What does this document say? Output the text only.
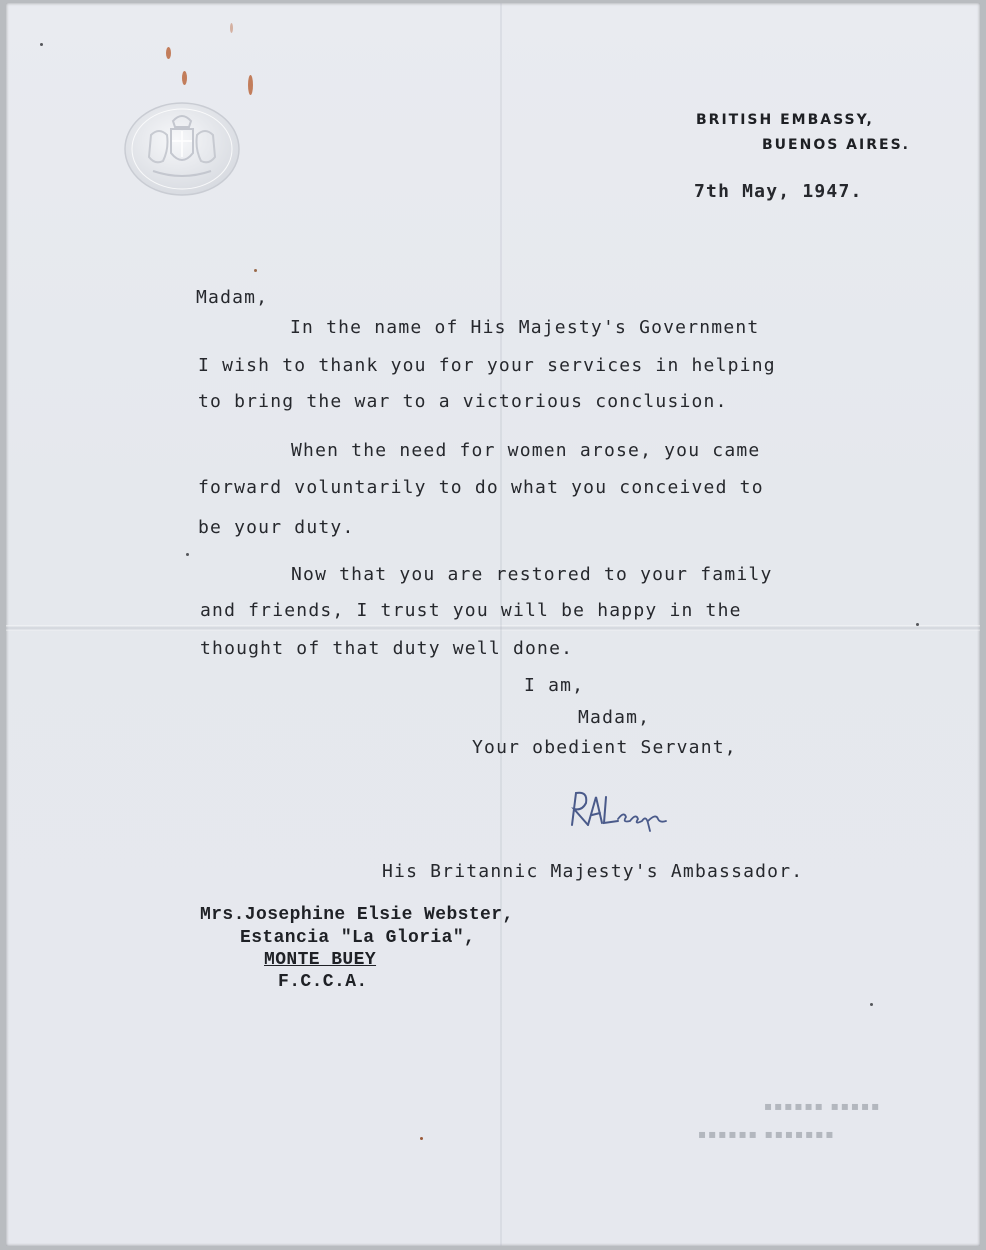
BRITISH EMBASSY,

BUENOS AIRES.

7th May, 1947.

Madam,

In the name of His Majesty's Government

I wish to thank you for your services in helping

to bring the war to a victorious conclusion.

When the need for women arose, you came

forward voluntarily to do what you conceived to

be your duty.

Now that you are restored to your family

and friends, I trust you will be happy in the

thought of that duty well done.

I am,

Madam,

Your obedient Servant,

His Britannic Majesty's Ambassador.

Mrs.Josephine Elsie Webster,

Estancia "La Gloria",

MONTE BUEY

F.C.C.A.

▪▪▪▪▪ ▪▪▪▪▪▪
▪▪▪▪▪▪▪ ▪▪▪▪▪▪
